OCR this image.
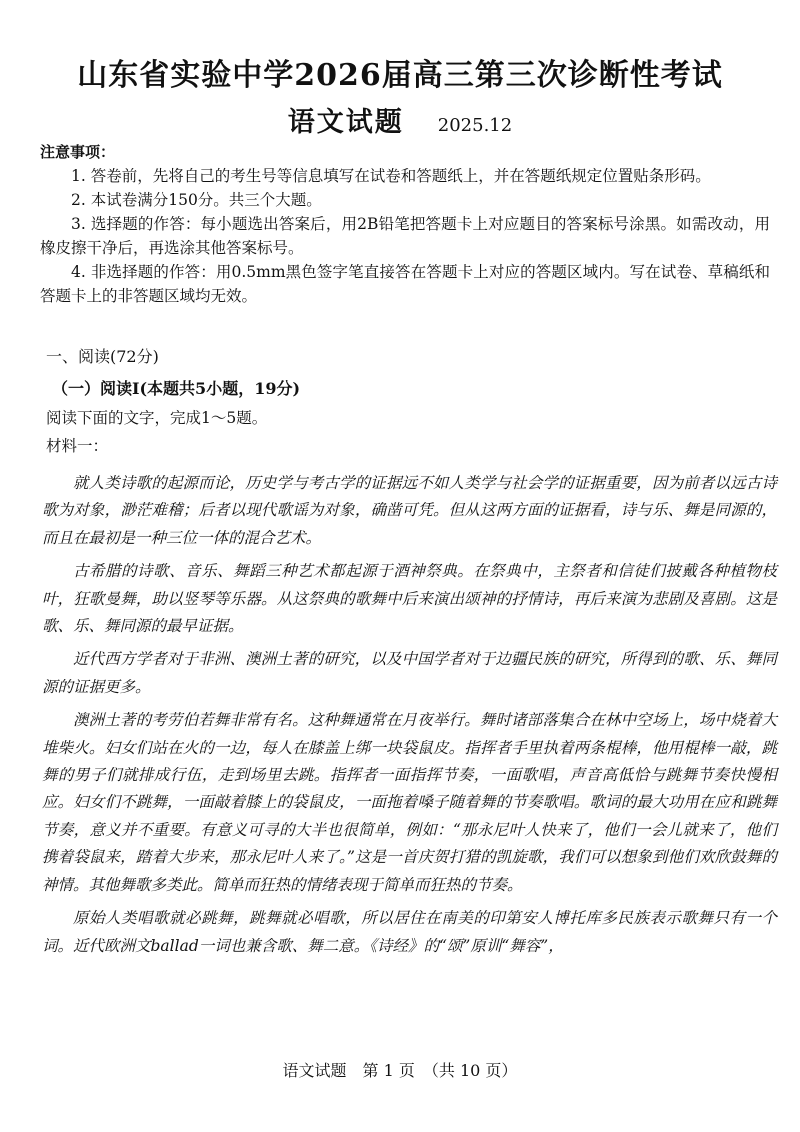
山东省实验中学2026届高三第三次诊断性考试
语文试题 2025.12
注意事项：

1. 答卷前，先将自己的考生号等信息填写在试卷和答题纸上，并在答题纸规定位置贴条形码。

2. 本试卷满分150分。共三个大题。

3. 选择题的作答：每小题选出答案后，用2B铅笔把答题卡上对应题目的答案标号涂黑。如需改动，用橡皮擦干净后，再选涂其他答案标号。

4. 非选择题的作答：用0.5mm黑色签字笔直接答在答题卡上对应的答题区域内。写在试卷、草稿纸和答题卡上的非答题区域均无效。

一、阅读(72分)
（一）阅读Ⅰ(本题共5小题，19分)
阅读下面的文字，完成1～5题。
材料一：

就人类诗歌的起源而论，历史学与考古学的证据远不如人类学与社会学的证据重要，因为前者以远古诗歌为对象，渺茫难稽；后者以现代歌谣为对象，确凿可凭。但从这两方面的证据看，诗与乐、舞是同源的，而且在最初是一种三位一体的混合艺术。

古希腊的诗歌、音乐、舞蹈三种艺术都起源于酒神祭典。在祭典中，主祭者和信徒们披戴各种植物枝叶，狂歌曼舞，助以竖琴等乐器。从这祭典的歌舞中后来演出颂神的抒情诗，再后来演为悲剧及喜剧。这是歌、乐、舞同源的最早证据。

近代西方学者对于非洲、澳洲土著的研究，以及中国学者对于边疆民族的研究，所得到的歌、乐、舞同源的证据更多。

澳洲土著的考劳伯若舞非常有名。这种舞通常在月夜举行。舞时诸部落集合在林中空场上，场中烧着大堆柴火。妇女们站在火的一边，每人在膝盖上绑一块袋鼠皮。指挥者手里执着两条棍棒，他用棍棒一敲，跳舞的男子们就排成行伍，走到场里去跳。指挥者一面指挥节奏，一面歌唱，声音高低恰与跳舞节奏快慢相应。妇女们不跳舞，一面敲着膝上的袋鼠皮，一面拖着嗓子随着舞的节奏歌唱。歌词的最大功用在应和跳舞节奏，意义并不重要。有意义可寻的大半也很简单，例如：“那永尼叶人快来了，他们一会儿就来了，他们携着袋鼠来，踏着大步来，那永尼叶人来了。”这是一首庆贺打猎的凯旋歌，我们可以想象到他们欢欣鼓舞的神情。其他舞歌多类此。简单而狂热的情绪表现于简单而狂热的节奏。

原始人类唱歌就必跳舞，跳舞就必唱歌，所以居住在南美的印第安人博托库多民族表示歌舞只有一个词。近代欧洲文ballad一词也兼含歌、舞二意。《诗经》的“颂”原训“舞容”，

语文试题　第 1 页　（共 10 页）
